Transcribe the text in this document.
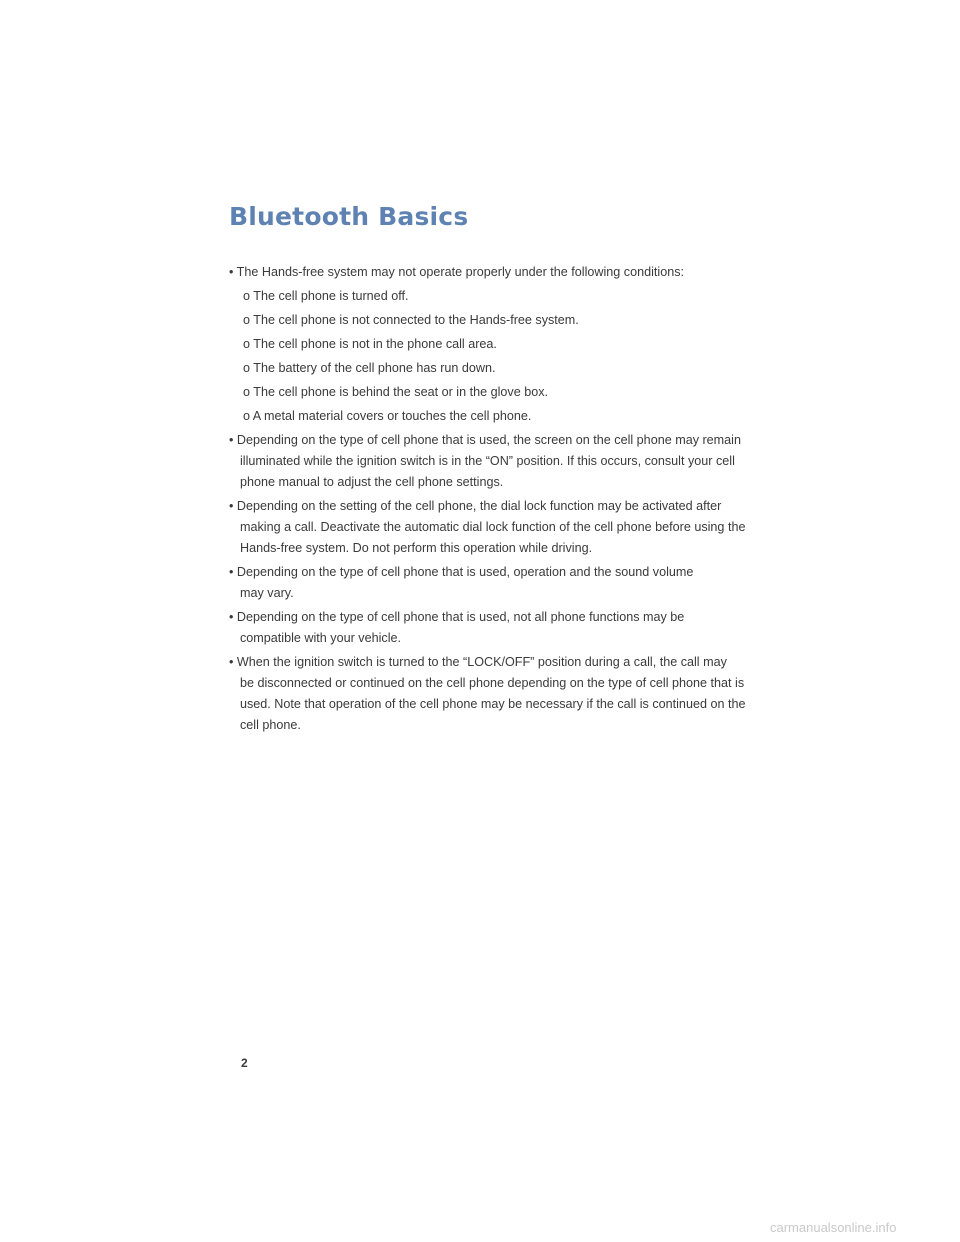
Bluetooth Basics
• The Hands-free system may not operate properly under the following conditions:
o The cell phone is turned off.
o The cell phone is not connected to the Hands-free system.
o The cell phone is not in the phone call area.
o The battery of the cell phone has run down.
o The cell phone is behind the seat or in the glove box.
o A metal material covers or touches the cell phone.
• Depending on the type of cell phone that is used, the screen on the cell phone may remain
illuminated while the ignition switch is in the “ON” position. If this occurs, consult your cell
phone manual to adjust the cell phone settings.
• Depending on the setting of the cell phone, the dial lock function may be activated after
making a call. Deactivate the automatic dial lock function of the cell phone before using the
Hands-free system. Do not perform this operation while driving.
• Depending on the type of cell phone that is used, operation and the sound volume
may vary.
• Depending on the type of cell phone that is used, not all phone functions may be
compatible with your vehicle.
• When the ignition switch is turned to the “LOCK/OFF” position during a call, the call may
be disconnected or continued on the cell phone depending on the type of cell phone that is
used. Note that operation of the cell phone may be necessary if the call is continued on the
cell phone.
2
carmanualsonline.info
